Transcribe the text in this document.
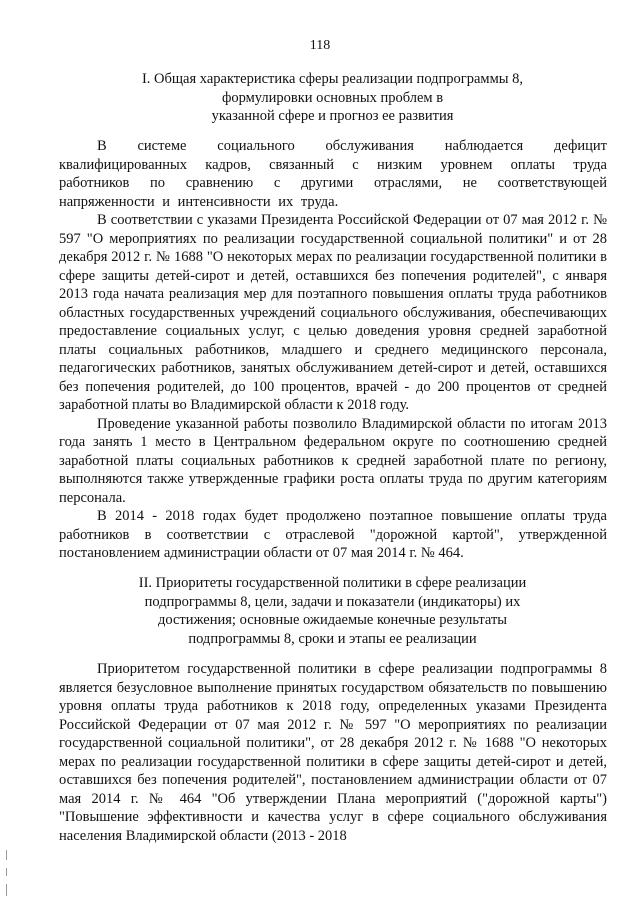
118
I. Общая характеристика сферы реализации подпрограммы 8,
формулировки основных проблем в
указанной сфере и прогноз ее развития

В системе социального обслуживания наблюдается дефицит квалифицированных кадров, связанный с низким уровнем оплаты труда работников по сравнению с другими отраслями, не соответствующей напряженности и интенсивности их труда.

В соответствии с указами Президента Российской Федерации от 07 мая 2012 г. № 597 "О мероприятиях по реализации государственной социальной политики" и от 28 декабря 2012 г. № 1688 "О некоторых мерах по реализации государственной политики в сфере защиты детей-сирот и детей, оставшихся без попечения родителей", с января 2013 года начата реализация мер для поэтапного повышения оплаты труда работников областных государственных учреждений социального обслуживания, обеспечивающих предоставление социальных услуг, с целью доведения уровня средней заработной платы социальных работников, младшего и среднего медицинского персонала, педагогических работников, занятых обслуживанием детей-сирот и детей, оставшихся без попечения родителей, до 100 процентов, врачей - до 200 процентов от средней заработной платы во Владимирской области к 2018 году.

Проведение указанной работы позволило Владимирской области по итогам 2013 года занять 1 место в Центральном федеральном округе по соотношению средней заработной платы социальных работников к средней заработной плате по региону, выполняются также утвержденные графики роста оплаты труда по другим категориям персонала.

В 2014 - 2018 годах будет продолжено поэтапное повышение оплаты труда работников в соответствии с отраслевой "дорожной картой", утвержденной постановлением администрации области от 07 мая 2014 г. № 464.

II. Приоритеты государственной политики в сфере реализации
подпрограммы 8, цели, задачи и показатели (индикаторы) их
достижения; основные ожидаемые конечные результаты
подпрограммы 8, сроки и этапы ее реализации

Приоритетом государственной политики в сфере реализации подпрограммы 8 является безусловное выполнение принятых государством обязательств по повышению уровня оплаты труда работников к 2018 году, определенных указами Президента Российской Федерации от 07 мая 2012 г. № 597 "О мероприятиях по реализации государственной социальной политики", от 28 декабря 2012 г. № 1688 "О некоторых мерах по реализации государственной политики в сфере защиты детей-сирот и детей, оставшихся без попечения родителей", постановлением администрации области от 07 мая 2014 г. № 464 "Об утверждении Плана мероприятий ("дорожной карты") "Повышение эффективности и качества услуг в сфере социального обслуживания населения Владимирской области (2013 - 2018
